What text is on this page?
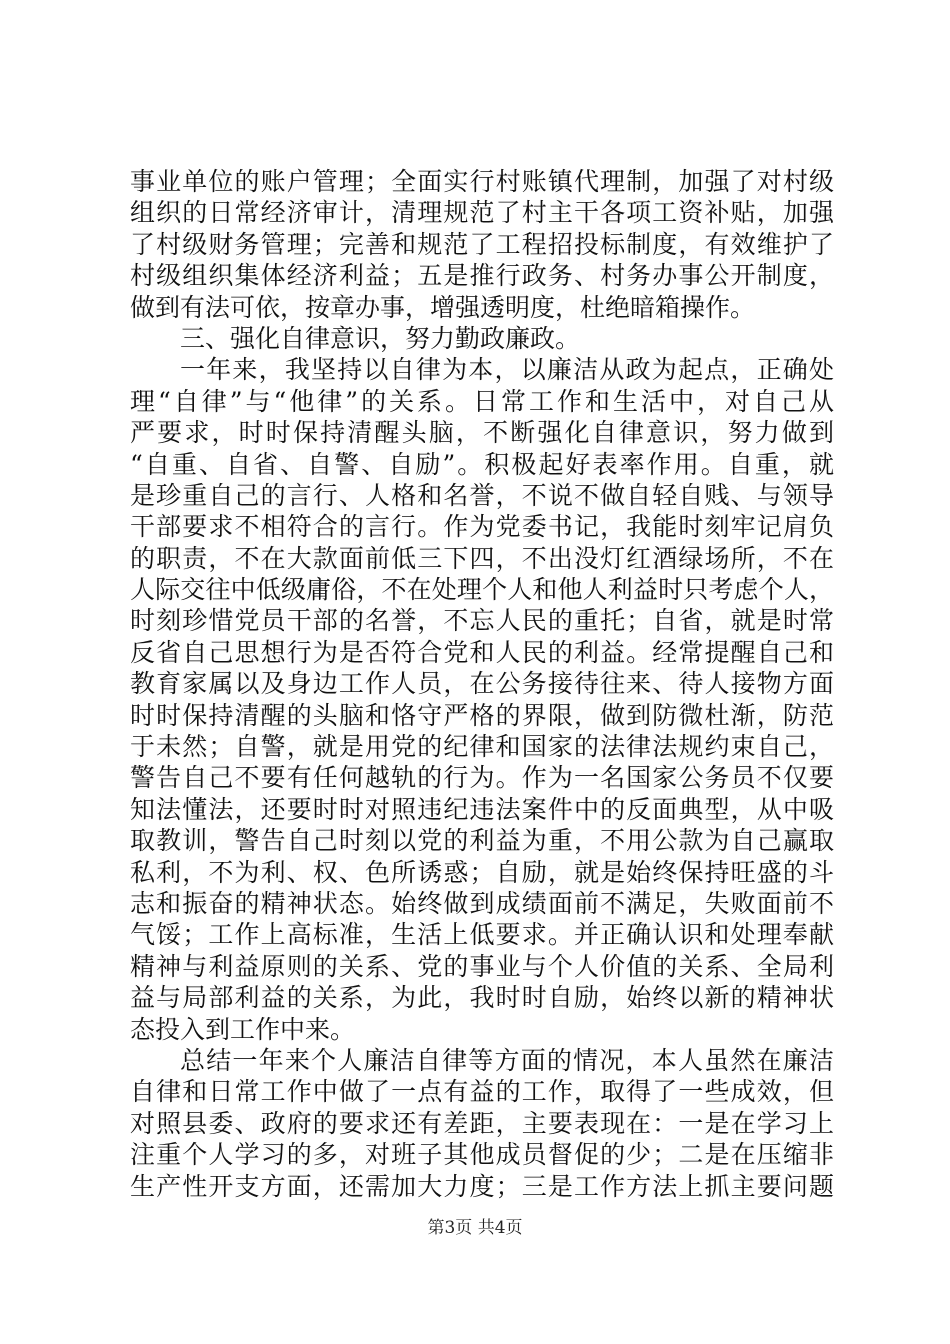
事业单位的账户管理；全面实行村账镇代理制，加强了对村级
组织的日常经济审计，清理规范了村主干各项工资补贴，加强
了村级财务管理；完善和规范了工程招投标制度，有效维护了
村级组织集体经济利益；五是推行政务、村务办事公开制度，
做到有法可依，按章办事，增强透明度，杜绝暗箱操作。
三、强化自律意识，努力勤政廉政。
一年来，我坚持以自律为本，以廉洁从政为起点，正确处
理“自律”与“他律”的关系。日常工作和生活中，对自己从
严要求，时时保持清醒头脑，不断强化自律意识，努力做到
“自重、自省、自警、自励”。积极起好表率作用。自重，就
是珍重自己的言行、人格和名誉，不说不做自轻自贱、与领导
干部要求不相符合的言行。作为党委书记，我能时刻牢记肩负
的职责，不在大款面前低三下四，不出没灯红酒绿场所，不在
人际交往中低级庸俗，不在处理个人和他人利益时只考虑个人，
时刻珍惜党员干部的名誉，不忘人民的重托；自省，就是时常
反省自己思想行为是否符合党和人民的利益。经常提醒自己和
教育家属以及身边工作人员，在公务接待往来、待人接物方面
时时保持清醒的头脑和恪守严格的界限，做到防微杜渐，防范
于未然；自警，就是用党的纪律和国家的法律法规约束自己，
警告自己不要有任何越轨的行为。作为一名国家公务员不仅要
知法懂法，还要时时对照违纪违法案件中的反面典型，从中吸
取教训，警告自己时刻以党的利益为重，不用公款为自己赢取
私利，不为利、权、色所诱惑；自励，就是始终保持旺盛的斗
志和振奋的精神状态。始终做到成绩面前不满足，失败面前不
气馁；工作上高标准，生活上低要求。并正确认识和处理奉献
精神与利益原则的关系、党的事业与个人价值的关系、全局利
益与局部利益的关系，为此，我时时自励，始终以新的精神状
态投入到工作中来。
总结一年来个人廉洁自律等方面的情况，本人虽然在廉洁
自律和日常工作中做了一点有益的工作，取得了一些成效，但
对照县委、政府的要求还有差距，主要表现在：一是在学习上
注重个人学习的多，对班子其他成员督促的少；二是在压缩非
生产性开支方面，还需加大力度；三是工作方法上抓主要问题
第3页 共4页
